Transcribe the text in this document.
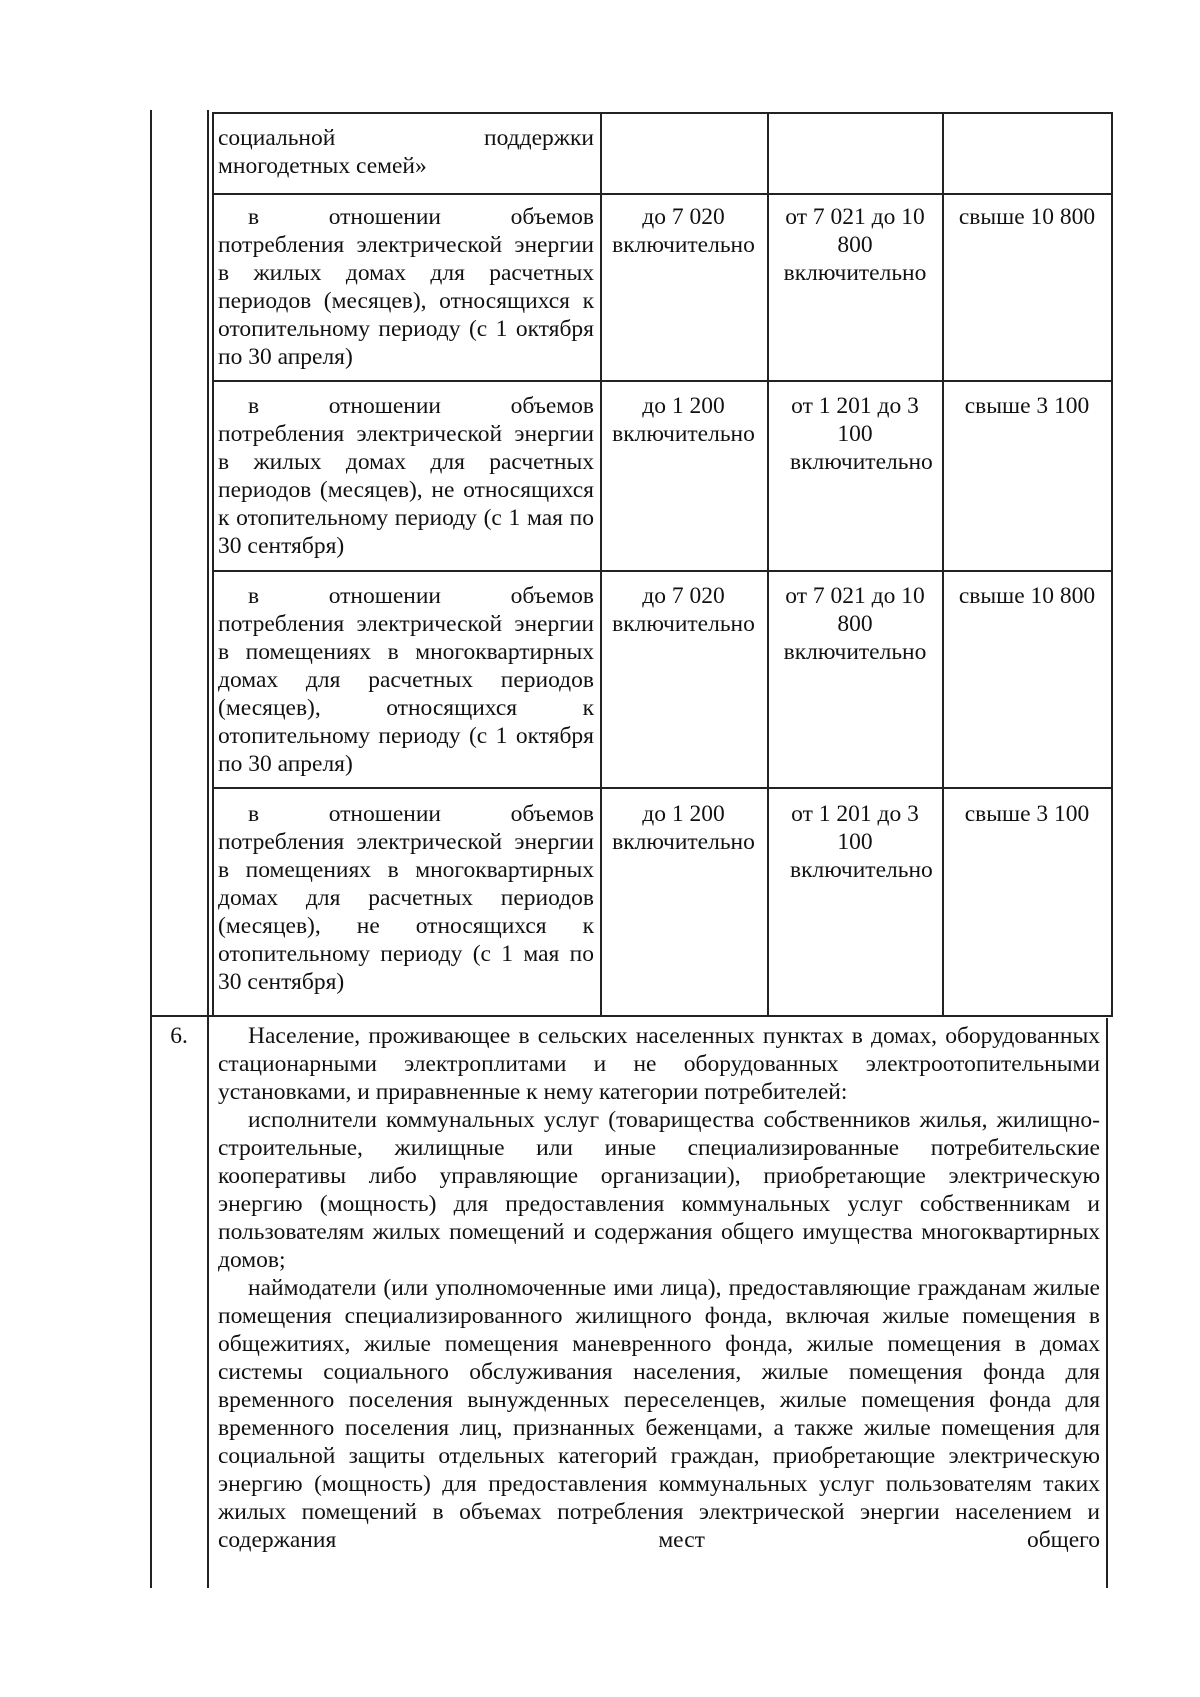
социальной	поддержки
многодетных семей»
в отношении объемов потребления электрической энергии в жилых домах для расчетных периодов (месяцев), относящихся к отопительному периоду (с 1 октября по 30 апреля)
до 7 020 включительно
от 7 021 до 10 800 включительно
свыше 10 800
в отношении объемов потребления электрической энергии в жилых домах для расчетных периодов (месяцев), не относящихся к отопительному периоду (с 1 мая по 30 сентября)
до 1 200 включительно
от 1 201 до 3 100 включительно
свыше 3 100
в отношении объемов потребления электрической энергии в помещениях в многоквартирных домах для расчетных периодов (месяцев), относящихся к отопительному периоду (с 1 октября по 30 апреля)
до 7 020 включительно
от 7 021 до 10 800 включительно
свыше 10 800
в отношении объемов потребления электрической энергии в помещениях в многоквартирных домах для расчетных периодов (месяцев), не относящихся к отопительному периоду (с 1 мая по 30 сентября)
до 1 200 включительно
от 1 201 до 3 100 включительно
свыше 3 100
6.	Население, проживающее в сельских населенных пунктах в домах, оборудованных стационарными электроплитами и не оборудованных электроотопительными установками, и приравненные к нему категории потребителей:

исполнители коммунальных услуг (товарищества собственников жилья, жилищно-строительные, жилищные или иные специализированные потребительские кооперативы либо управляющие организации), приобретающие электрическую энергию (мощность) для предоставления коммунальных услуг собственникам и пользователям жилых помещений и содержания общего имущества многоквартирных домов;

наймодатели (или уполномоченные ими лица), предоставляющие гражданам жилые помещения специализированного жилищного фонда, включая жилые помещения в общежитиях, жилые помещения маневренного фонда, жилые помещения в домах системы социального обслуживания населения, жилые помещения фонда для временного поселения вынужденных переселенцев, жилые помещения фонда для временного поселения лиц, признанных беженцами, а также жилые помещения для социальной защиты отдельных категорий граждан, приобретающие электрическую энергию (мощность) для предоставления коммунальных услуг пользователям таких жилых помещений в объемах потребления электрической энергии населением и содержания мест общего
